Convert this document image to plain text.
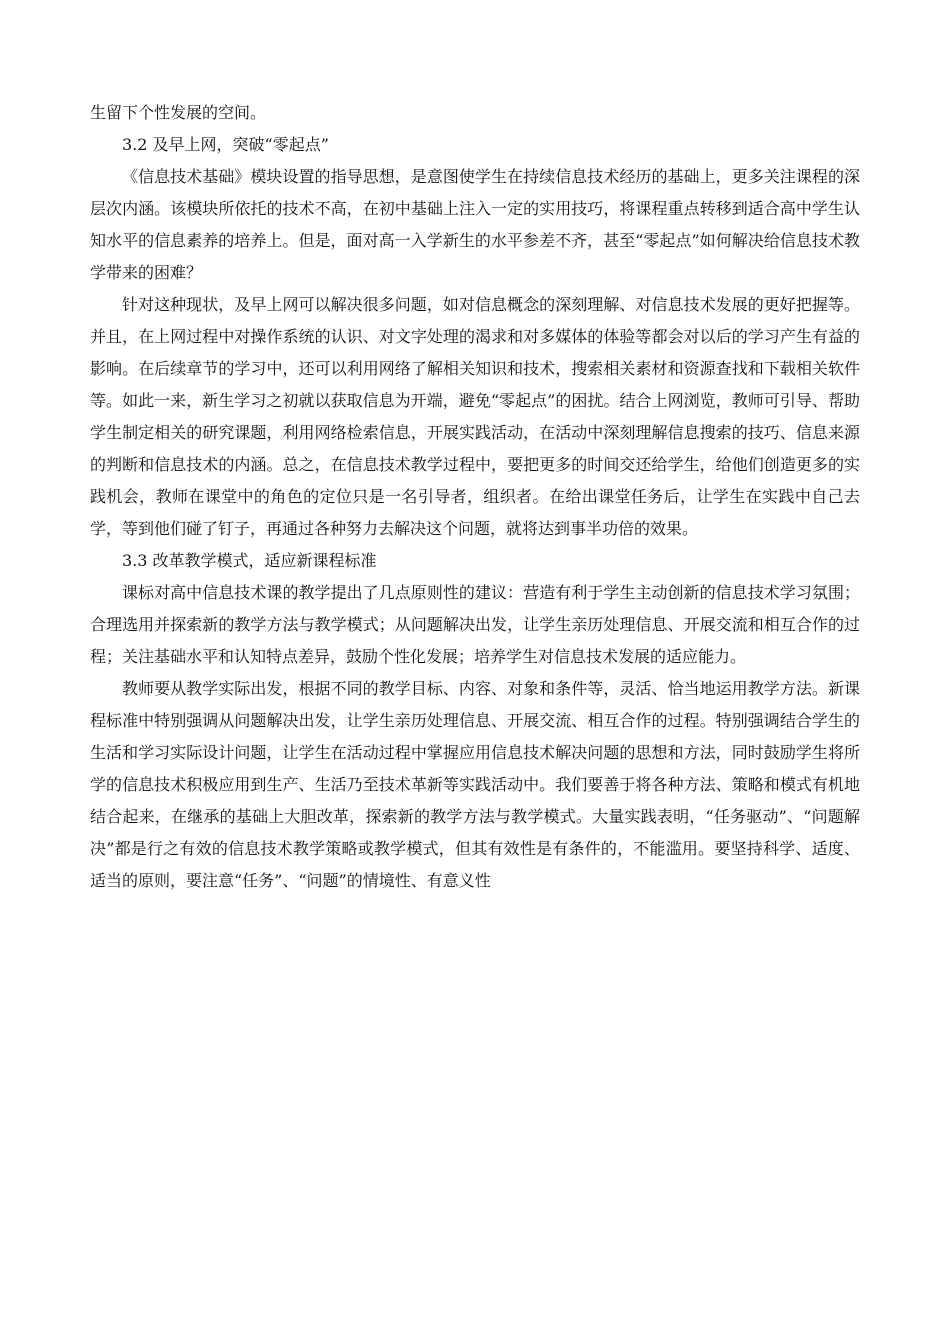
生留下个性发展的空间。

3.2 及早上网，突破“零起点”

《信息技术基础》模块设置的指导思想，是意图使学生在持续信息技术经历的基础上，更多关注课程的深层次内涵。该模块所依托的技术不高，在初中基础上注入一定的实用技巧，将课程重点转移到适合高中学生认知水平的信息素养的培养上。但是，面对高一入学新生的水平参差不齐，甚至“零起点”如何解决给信息技术教学带来的困难？

针对这种现状，及早上网可以解决很多问题，如对信息概念的深刻理解、对信息技术发展的更好把握等。并且，在上网过程中对操作系统的认识、对文字处理的渴求和对多媒体的体验等都会对以后的学习产生有益的影响。在后续章节的学习中，还可以利用网络了解相关知识和技术，搜索相关素材和资源查找和下载相关软件等。如此一来，新生学习之初就以获取信息为开端，避免“零起点”的困扰。结合上网浏览，教师可引导、帮助学生制定相关的研究课题，利用网络检索信息，开展实践活动，在活动中深刻理解信息搜索的技巧、信息来源的判断和信息技术的内涵。总之，在信息技术教学过程中，要把更多的时间交还给学生，给他们创造更多的实践机会，教师在课堂中的角色的定位只是一名引导者，组织者。在给出课堂任务后，让学生在实践中自己去学，等到他们碰了钉子，再通过各种努力去解决这个问题，就将达到事半功倍的效果。

3.3 改革教学模式，适应新课程标准

课标对高中信息技术课的教学提出了几点原则性的建议：营造有利于学生主动创新的信息技术学习氛围；合理选用并探索新的教学方法与教学模式；从问题解决出发，让学生亲历处理信息、开展交流和相互合作的过程；关注基础水平和认知特点差异，鼓励个性化发展；培养学生对信息技术发展的适应能力。

教师要从教学实际出发，根据不同的教学目标、内容、对象和条件等，灵活、恰当地运用教学方法。新课程标准中特别强调从问题解决出发，让学生亲历处理信息、开展交流、相互合作的过程。特别强调结合学生的生活和学习实际设计问题，让学生在活动过程中掌握应用信息技术解决问题的思想和方法，同时鼓励学生将所学的信息技术积极应用到生产、生活乃至技术革新等实践活动中。我们要善于将各种方法、策略和模式有机地结合起来，在继承的基础上大胆改革，探索新的教学方法与教学模式。大量实践表明，“任务驱动”、“问题解决”都是行之有效的信息技术教学策略或教学模式，但其有效性是有条件的，不能滥用。要坚持科学、适度、适当的原则，要注意“任务”、“问题”的情境性、有意义性
